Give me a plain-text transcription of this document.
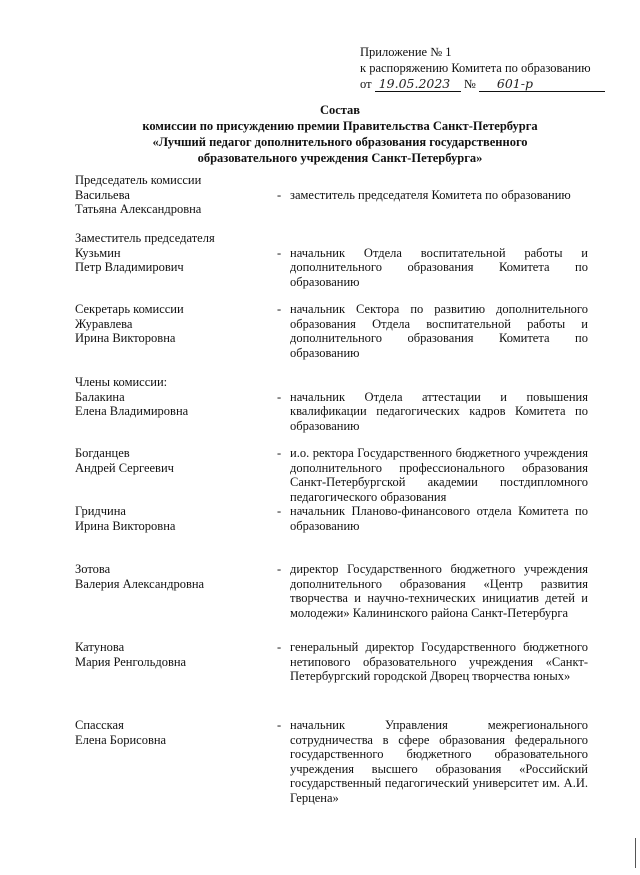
Приложение № 1
к распоряжению Комитета по образованию
от 19.05.2023 № 601-р
Состав
комиссии по присуждению премии Правительства Санкт-Петербурга
«Лучший педагог дополнительного образования государственного
образовательного учреждения Санкт-Петербурга»
Председатель комиссии
Васильева
Татьяна Александровна
- заместитель председателя Комитета по образованию
Заместитель председателя
Кузьмин
Петр Владимирович
- начальник Отдела воспитательной работы и дополнительного образования Комитета по образованию
Секретарь комиссии
Журавлева
Ирина Викторовна
- начальник Сектора по развитию дополнительного образования Отдела воспитательной работы и дополнительного образования Комитета по образованию
Члены комиссии:
Балакина
Елена Владимировна
- начальник Отдела аттестации и повышения квалификации педагогических кадров Комитета по образованию
Богданцев
Андрей Сергеевич
- и.о. ректора Государственного бюджетного учреждения дополнительного профессионального образования Санкт-Петербургской академии постдипломного педагогического образования
Гридчина
Ирина Викторовна
- начальник Планово-финансового отдела Комитета по образованию
Зотова
Валерия Александровна
- директор Государственного бюджетного учреждения дополнительного образования «Центр развития творчества и научно-технических инициатив детей и молодежи» Калининского района Санкт-Петербурга
Катунова
Мария Ренгольдовна
- генеральный директор Государственного бюджетного нетипового образовательного учреждения «Санкт-Петербургский городской Дворец творчества юных»
Спасская
Елена Борисовна
- начальник Управления межрегионального сотрудничества в сфере образования федерального государственного бюджетного образовательного учреждения высшего образования «Российский государственный педагогический университет им. А.И. Герцена»
